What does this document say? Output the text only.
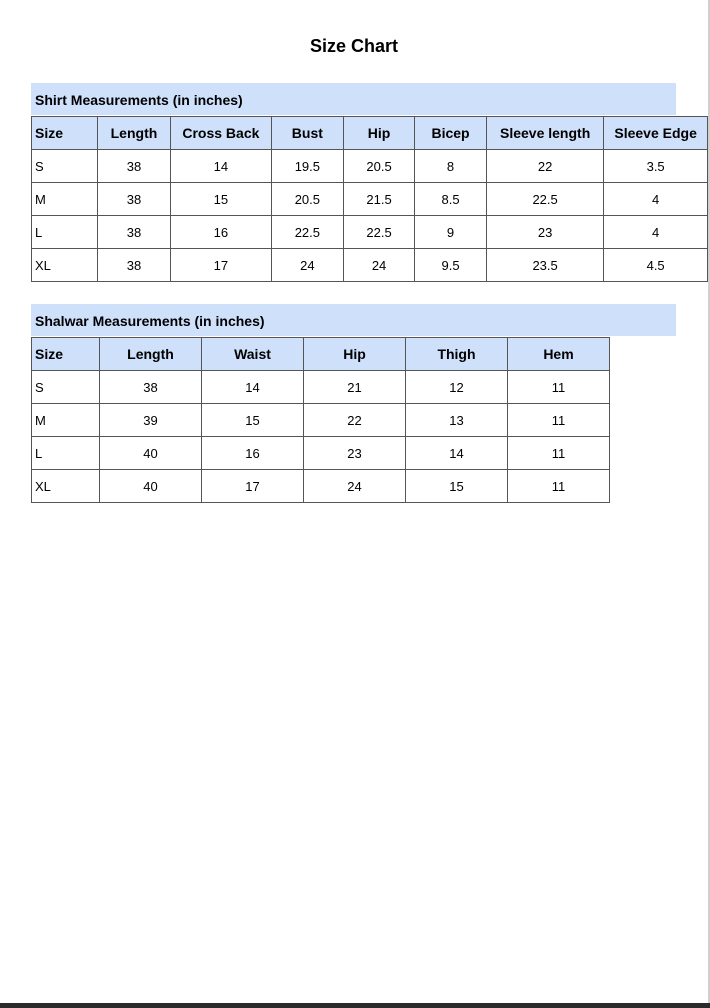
Size Chart
Shirt Measurements (in inches)
Size	Length	Cross Back	Bust	Hip	Bicep	Sleeve length	Sleeve Edge
S	38	14	19.5	20.5	8	22	3.5
M	38	15	20.5	21.5	8.5	22.5	4
L	38	16	22.5	22.5	9	23	4
XL	38	17	24	24	9.5	23.5	4.5
Shalwar Measurements (in inches)
Size	Length	Waist	Hip	Thigh	Hem
S	38	14	21	12	11
M	39	15	22	13	11
L	40	16	23	14	11
XL	40	17	24	15	11
